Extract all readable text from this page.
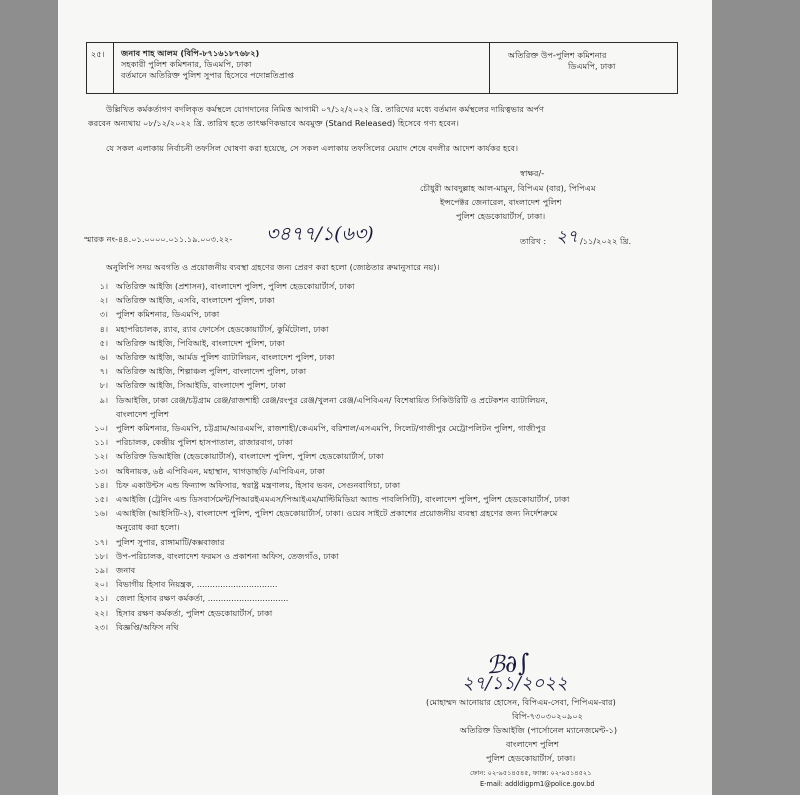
২৫। জনাব শাহ আলম (বিপি-৮৭১৬১৮৭৬৮২)
সহকারী পুলিশ কমিশনার, ডিএমপি, ঢাকা
বর্তমানে অতিরিক্ত পুলিশ সুপার হিসেবে পদোন্নতিপ্রাপ্ত
অতিরিক্ত উপ-পুলিশ কমিশনার
ডিএমপি, ঢাকা
উল্লিখিত কর্মকর্তাগণ বদলিকৃত কর্মস্থলে যোগদানের নিমিত্ত আগামী ০৭/১২/২০২২ খ্রি. তারিখের মধ্যে বর্তমান কর্মস্থলের দায়িত্বভার অর্পণ
করবেন অন্যথায় ০৮/১২/২০২২ খ্রি. তারিখ হতে তাৎক্ষণিকভাবে অবমুক্ত (Stand Released) হিসেবে গণ্য হবেন।
যে সকল এলাকায় নির্বাচনী তফসিল ঘোষণা করা হয়েছে, সে সকল এলাকায় তফসিলের মেয়াদ শেষে বদলীর আদেশ কার্যকর হবে।
স্বাক্ষর/-
চৌধুরী আবদুল্লাহ আল-মামুন, বিপিএম (বার), পিপিএম
ইন্সপেক্টর জেনারেল, বাংলাদেশ পুলিশ
পুলিশ হেডকোয়ার্টার্স, ঢাকা।
স্মারক নং-৪৪.০১.০০০০.০১১.১৯.০০৩.২২- ৩৪৭৭/১(৬৩)	তারিখ : ২৭ /১১/২০২২ খ্রি.
অনুলিপি সদয় অবগতি ও প্রয়োজনীয় ব্যবস্থা গ্রহণের জন্য প্রেরণ করা হলো (জ্যেষ্ঠতার ক্রমানুসারে নয়)।
১। অতিরিক্ত আইজি (প্রশাসন), বাংলাদেশ পুলিশ, পুলিশ হেডকোয়ার্টার্স, ঢাকা
২। অতিরিক্ত আইজি, এসবি, বাংলাদেশ পুলিশ, ঢাকা
৩। পুলিশ কমিশনার, ডিএমপি, ঢাকা
৪। মহাপরিচালক, র‍্যাব, র‍্যাব ফোর্সেস হেডকোয়ার্টার্স, কুর্মিটোলা, ঢাকা
৫। অতিরিক্ত আইজি, পিবিআই, বাংলাদেশ পুলিশ, ঢাকা
৬। অতিরিক্ত আইজি, আর্মড পুলিশ ব্যাটালিয়ন, বাংলাদেশ পুলিশ, ঢাকা
৭। অতিরিক্ত আইজি, শিল্পাঞ্চল পুলিশ, বাংলাদেশ পুলিশ, ঢাকা
৮। অতিরিক্ত আইজি, সিআইডি, বাংলাদেশ পুলিশ, ঢাকা
৯। ডিআইজি, ঢাকা রেঞ্জ/চট্টগ্রাম রেঞ্জ/রাজশাহী রেঞ্জ/রংপুর রেঞ্জ/খুলনা রেঞ্জ/এপিবিএন/ বিশেষায়িত সিকিউরিটি ও প্রটেকশন ব্যাটালিয়ন,
বাংলাদেশ পুলিশ
১০। পুলিশ কমিশনার, ডিএমপি, চট্টগ্রাম/আরএমপি, রাজশাহী/কেএমপি, বরিশাল/এসএমপি, সিলেট/গাজীপুর মেট্রোপলিটন পুলিশ, গাজীপুর
১১। পরিচালক, কেন্দ্রীয় পুলিশ হাসপাতাল, রাজারবাগ, ঢাকা
১২। অতিরিক্ত ডিআইজি (হেডকোয়ার্টার্স), বাংলাদেশ পুলিশ, পুলিশ হেডকোয়ার্টার্স, ঢাকা
১৩। অধিনায়ক, ৬ষ্ঠ এপিবিএন, মহাস্থান, খাগড়াছড়ি /এপিবিএন, ঢাকা
১৪। চিফ একাউন্টস এন্ড ফিন্যান্স অফিসার, স্বরাষ্ট্র মন্ত্রণালয়, হিসাব ভবন, সেগুনবাগিচা, ঢাকা
১৫। এআইজি (ট্রেনিং এন্ড ডিসবার্সমেন্ট/পিআরইএমএস/পিআইএম/মাল্টিমিডিয়া অ্যান্ড পাবলিসিটি), বাংলাদেশ পুলিশ, পুলিশ হেডকোয়ার্টার্স, ঢাকা
১৬। এআইজি (আইসিটি-২), বাংলাদেশ পুলিশ, পুলিশ হেডকোয়ার্টার্স, ঢাকা। ওয়েব সাইটে প্রকাশের প্রয়োজনীয় ব্যবস্থা গ্রহণের জন্য নির্দেশক্রমে
অনুরোধ করা হলো।
১৭। পুলিশ সুপার, রাঙ্গামাটি/কক্সবাজার
১৮। উপ-পরিচালক, বাংলাদেশ ফরমস ও প্রকাশনা অফিস, তেজগাঁও, ঢাকা
১৯। জনাব
২০। বিভাগীয় হিসাব নিয়ন্ত্রক, ...............................
২১। জেলা হিসাব রক্ষণ কর্মকর্তা, ...............................
২২। হিসাব রক্ষণ কর্মকর্তা, পুলিশ হেডকোয়ার্টার্স, ঢাকা
২৩। বিজ্ঞপ্তি/অফিস নথি
ℬ∂∫
২৭/১১/২০২২
(মোহাম্মদ আনোয়ার হোসেন, বিপিএম-সেবা, পিপিএম-বার)
বিপি-৭৩০৩০২০৯০২
অতিরিক্ত ডিআইজি (পার্সোনেল ম্যানেজমেন্ট-১)
বাংলাদেশ পুলিশ
পুলিশ হেডকোয়ার্টার্স, ঢাকা।
ফোন: ০২-৯৫১৪৫৪৫, ফ্যাক্স: ০২-৯৫১৪৫২১
E-mail: addldigpm1@police.gov.bd
